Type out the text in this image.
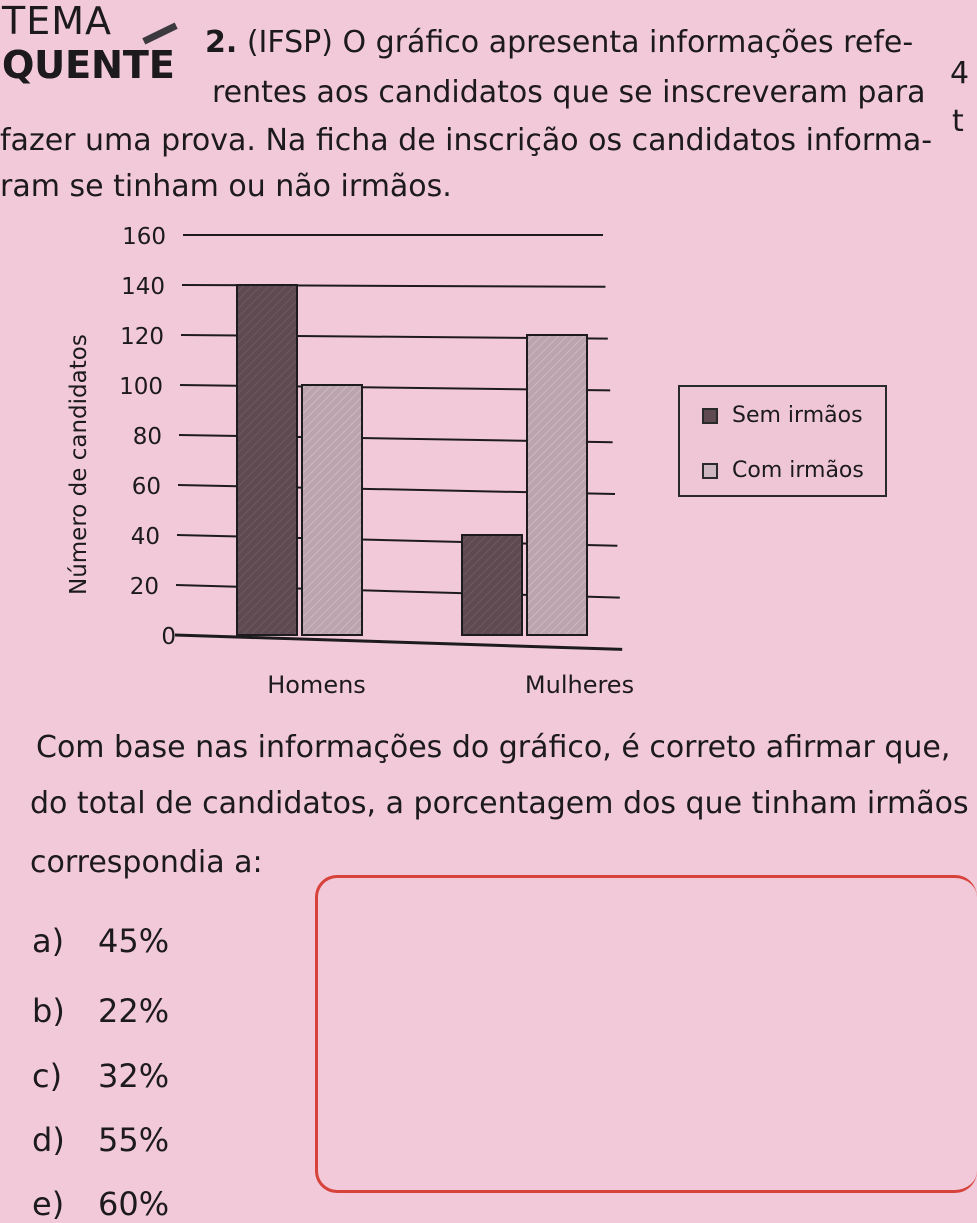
TEMA
QUENTE
2. (IFSP) O gráfico apresenta informações refe-
rentes aos candidatos que se inscreveram para
fazer uma prova. Na ficha de inscrição os candidatos informa-
ram se tinham ou não irmãos.
4
t
0
20
40
60
80
100
120
140
160
Homens	Mulheres
Número de candidatos	Sem irmãos
Com irmãos
Com base nas informações do gráfico, é correto afirmar que,
do total de candidatos, a porcentagem dos que tinham irmãos
correspondia a:
a) 45%
b) 22%
c) 32%
d) 55%
e) 60%
